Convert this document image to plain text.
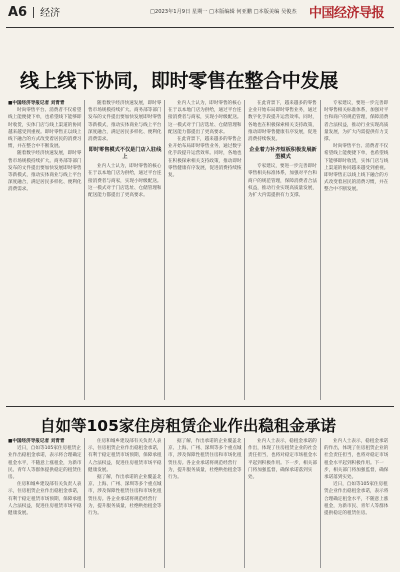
A6 经济	□2023年1月9日 星期一 □本版编辑 何亚鹏 □本版美编 吴俊杰 中国经济导报
线上线下协同，即时零售在整合中发展

■中国经济导报记者 刘青青

时尚零售平台、消费者不仅希望线上能便捷下单，也希望线下能够即时收货，实体门店与线上渠道的协同越来越受到重视。即时零售正以线上线下融合的方式改变着居民的消费习惯，并在整合中不断发展。

随着数字经济快速发展，即时零售市场规模持续扩大。商务部等部门发布的文件提出要加快发展即时零售等新模式，推动实体商业与线上平台深度融合，满足居民多样化、便利化消费需求。

随着数字经济快速发展，即时零售市场规模持续扩大。商务部等部门发布的文件提出要加快发展即时零售等新模式，推动实体商业与线上平台深度融合，满足居民多样化、便利化消费需求。

即时零售模式不仅是门店入驻线上

业内人士认为，即时零售的核心在于以本地门店为供给，通过平台连接消费者与商家，实现小时级配送。这一模式对于门店选址、仓储管理和配送能力都提出了更高要求。

业内人士认为，即时零售的核心在于以本地门店为供给，通过平台连接消费者与商家，实现小时级配送。这一模式对于门店选址、仓储管理和配送能力都提出了更高要求。

在此背景下，越来越多的零售企业开始布局即时零售业务，通过数字化手段提升运营效率。同时，各地也在积极探索相关支持政策，推动即时零售健康有序发展，促进消费持续恢复。

在此背景下，越来越多的零售企业开始布局即时零售业务，通过数字化手段提升运营效率。同时，各地也在积极探索相关支持政策，推动即时零售健康有序发展，促进消费持续恢复。

企业着力补齐短板积极发展新型模式

专家建议，要进一步完善即时零售相关标准体系，加强对平台和商户的规范管理，保障消费者合法权益，推动行业实现高质量发展，为扩大内需提供有力支撑。

专家建议，要进一步完善即时零售相关标准体系，加强对平台和商户的规范管理，保障消费者合法权益，推动行业实现高质量发展，为扩大内需提供有力支撑。

时尚零售平台、消费者不仅希望线上能便捷下单，也希望线下能够即时收货，实体门店与线上渠道的协同越来越受到重视。即时零售正以线上线下融合的方式改变着居民的消费习惯，并在整合中不断发展。

自如等105家住房租赁企业作出稳租金承诺

■中国经济导报记者 刘青青

近日，自如等105家住房租赁企业作出稳租金承诺，表示将合理确定租金水平，不随意上涨租金，为新市民、青年人等群体提供稳定的租赁住房。

住房和城乡建设部有关负责人表示，住房租赁企业作出稳租金承诺，有利于稳定租赁市场预期，保障承租人合法权益，促进住房租赁市场平稳健康发展。

住房和城乡建设部有关负责人表示，住房租赁企业作出稳租金承诺，有利于稳定租赁市场预期，保障承租人合法权益，促进住房租赁市场平稳健康发展。

据了解，作出承诺的企业覆盖北京、上海、广州、深圳等多个重点城市，涉及保障性租赁住房和市场化租赁住房。各企业承诺将规范经营行为，提升服务质量，杜绝哄抬租金等行为。

据了解，作出承诺的企业覆盖北京、上海、广州、深圳等多个重点城市，涉及保障性租赁住房和市场化租赁住房。各企业承诺将规范经营行为，提升服务质量，杜绝哄抬租金等行为。

业内人士表示，稳租金承诺的作出，体现了住房租赁企业的社会责任担当，也将对稳定市场租金水平起到积极作用。下一步，相关部门将加强监督，确保承诺落到实处。

业内人士表示，稳租金承诺的作出，体现了住房租赁企业的社会责任担当，也将对稳定市场租金水平起到积极作用。下一步，相关部门将加强监督，确保承诺落到实处。

近日，自如等105家住房租赁企业作出稳租金承诺，表示将合理确定租金水平，不随意上涨租金，为新市民、青年人等群体提供稳定的租赁住房。
